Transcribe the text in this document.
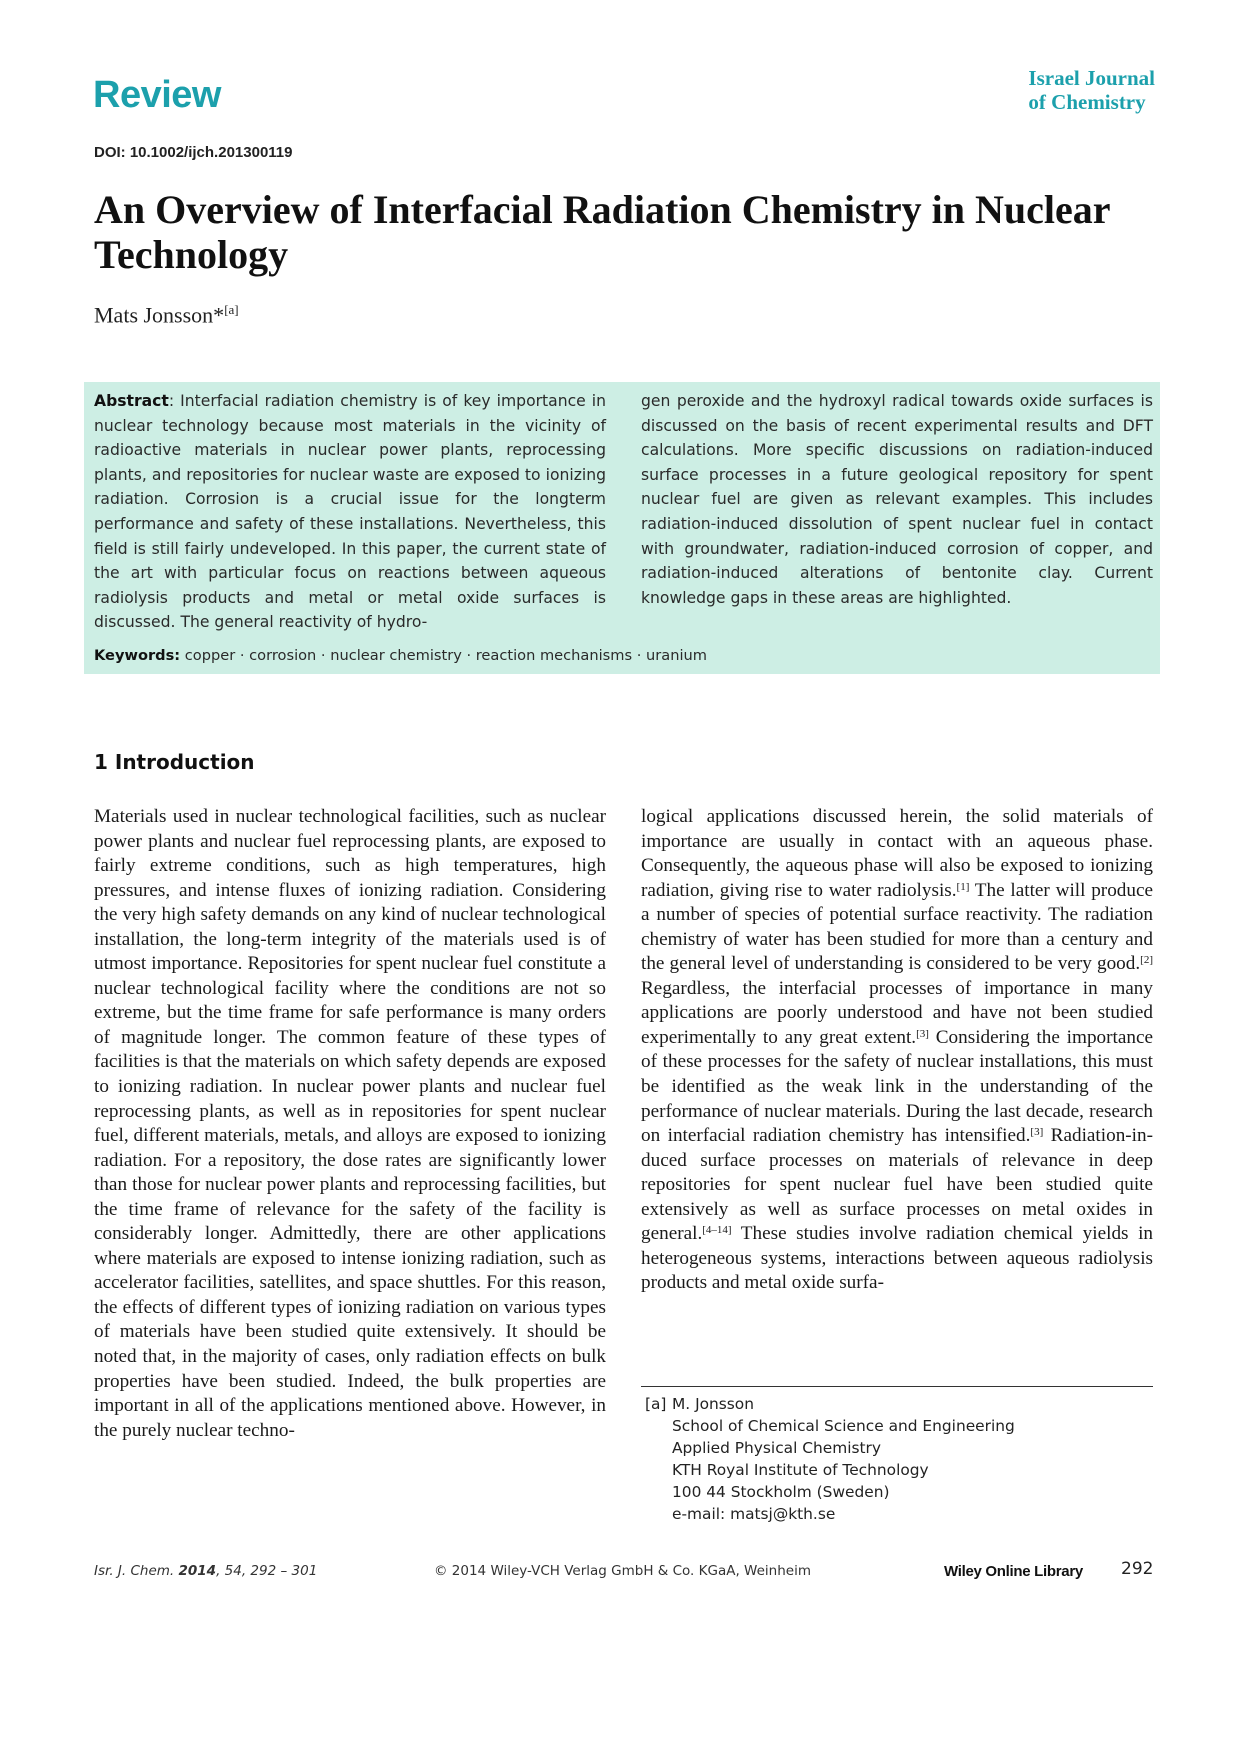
Review	Israel Journal
of Chemistry
DOI: 10.1002/ijch.201300119
An Overview of Interfacial Radiation Chemistry in Nuclear Technology
Mats Jonsson*[a]
Abstract: Interfacial radiation chemistry is of key importance in nuclear technology because most materials in the vicinity of radioactive materials in nuclear power plants, reprocessing plants, and repositories for nuclear waste are exposed to ionizing radiation. Corrosion is a crucial issue for the longterm performance and safety of these installations. Nevertheless, this field is still fairly undeveloped. In this paper, the current state of the art with particular focus on reactions between aqueous radiolysis products and metal or metal oxide surfaces is discussed. The general reactivity of hydro-
gen peroxide and the hydroxyl radical towards oxide surfaces is discussed on the basis of recent experimental results and DFT calculations. More specific discussions on radiation-induced surface processes in a future geological repository for spent nuclear fuel are given as relevant examples. This includes radiation-induced dissolution of spent nuclear fuel in contact with groundwater, radiation-induced corrosion of copper, and radiation-induced alterations of bentonite clay. Current knowledge gaps in these areas are highlighted.
Keywords: copper · corrosion · nuclear chemistry · reaction mechanisms · uranium
1 Introduction
Materials used in nuclear technological facilities, such as nuclear power plants and nuclear fuel reprocessing plants, are exposed to fairly extreme conditions, such as high temperatures, high pressures, and intense fluxes of ionizing radiation. Considering the very high safety demands on any kind of nuclear technological installation, the long-term integrity of the materials used is of utmost importance. Repositories for spent nuclear fuel constitute a nuclear technological facility where the conditions are not so extreme, but the time frame for safe performance is many orders of magnitude longer. The common feature of these types of facilities is that the materials on which safety depends are exposed to ionizing radiation. In nuclear power plants and nuclear fuel reprocessing plants, as well as in repositories for spent nuclear fuel, different materials, metals, and alloys are exposed to ionizing radiation. For a repository, the dose rates are significantly lower than those for nuclear power plants and reprocessing facilities, but the time frame of relevance for the safety of the facility is considerably longer. Admittedly, there are other applications where materials are exposed to intense ionizing radiation, such as accelerator facilities, satellites, and space shuttles. For this reason, the effects of different types of ionizing radiation on various types of materials have been studied quite extensively. It should be noted that, in the majority of cases, only radiation effects on bulk properties have been studied. Indeed, the bulk properties are important in all of the applications mentioned above. However, in the purely nuclear techno-
logical applications discussed herein, the solid materials of importance are usually in contact with an aqueous phase. Consequently, the aqueous phase will also be exposed to ionizing radiation, giving rise to water radiolysis.[1] The latter will produce a number of species of potential surface reactivity. The radiation chemistry of water has been studied for more than a century and the general level of understanding is considered to be very good.[2] Regardless, the interfacial processes of importance in many applications are poorly understood and have not been studied experimentally to any great extent.[3] Considering the importance of these processes for the safety of nuclear installations, this must be identified as the weak link in the understanding of the performance of nuclear materials. During the last decade, research on interfacial radiation chemistry has intensified.[3] Radiation-induced surface processes on materials of relevance in deep repositories for spent nuclear fuel have been studied quite extensively as well as surface processes on metal oxides in general.[4–14] These studies involve radiation chemical yields in heterogeneous systems, interactions between aqueous radiolysis products and metal oxide surfa-
[a] M. Jonsson
School of Chemical Science and Engineering
Applied Physical Chemistry
KTH Royal Institute of Technology
100 44 Stockholm (Sweden)
e-mail: matsj@kth.se
Isr. J. Chem. 2014, 54, 292 – 301	© 2014 Wiley-VCH Verlag GmbH & Co. KGaA, Weinheim	Wiley Online Library 292
